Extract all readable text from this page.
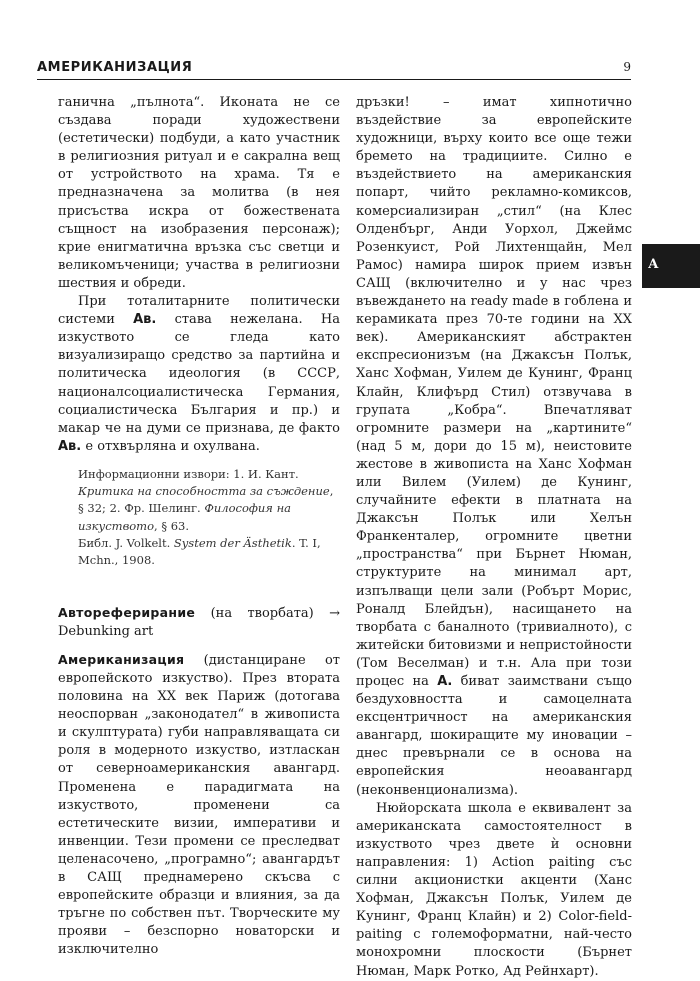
АМЕРИКАНИЗАЦИЯ	9
А

ганична „пълнота“. Иконата не се създава поради художествени (естетически) подбуди, а като участник в религиозния ритуал и е сакрална вещ от устройството на храма. Тя е предназначена за молитва (в нея присъства искра от божествената същност на изобразения персонаж); крие енигматична връзка със светци и великомъченици; участва в религиозни шествия и обреди.

При тоталитарните политически системи Ав. става нежелана. На изкуството се гледа като визуализиращо средство за партийна и политическа идеология (в СССР, националсоциалистическа Германия, социалистическа България и пр.) и макар че на думи се признава, де факто Ав. е отхвърляна и охулвана.

Информационни извори: 1. И. Кант. Критика на способността за съждение, § 32; 2. Фр. Шелинг. Философия на изкуството, § 63.

Библ. J. Volkelt. System der Ästhetik. T. I, Mchn., 1908.

Автореферирание (на творбата) → Debunking art

Американизация (дистанциране от европейското изкуство). През втората половина на XX век Париж (дотогава неоспорван „законодател“ в живописта и скулптурата) губи направляващата си роля в модерното изкуство, изтласкан от северноамериканския авангард. Променена е парадигмата на изкуството, променени са естетическите визии, императиви и инвенции. Тези промени се преследват целенасочено, „програмно“; авангардът в САЩ преднамерено скъсва с европейските образци и влияния, за да тръгне по собствен път. Творческите му прояви – безспорно новаторски и изключително

дръзки! – имат хипнотично въздействие за европейските художници, върху които все още тежи бремето на традициите. Силно е въздействието на американския попарт, чийто рекламно-комиксов, комерсиализиран „стил“ (на Клес Олденбърг, Анди Уорхол, Джеймс Розенкуист, Рой Лихтенщайн, Мел Рамос) намира широк прием извън САЩ (включително и у нас чрез въвеждането на ready made в гоблена и керамиката през 70-те години на XX век). Американският абстрактен експресионизъм (на Джаксън Полък, Ханс Хофман, Уилем де Кунинг, Франц Клайн, Клифърд Стил) отзвучава в групата „Кобра“. Впечатляват огромните размери на „картините“ (над 5 м, дори до 15 м), неистовите жестове в живописта на Ханс Хофман или Вилем (Уилем) де Кунинг, случайните ефекти в платната на Джаксън Полък или Хелън Франкенталер, огромните цветни „пространства“ при Бърнет Нюман, структурите на минимал арт, изпълващи цели зали (Робърт Морис, Роналд Блейдън), насищането на творбата с баналното (тривиалното), с житейски битовизми и непристойности (Том Веселман) и т.н. Ала при този процес на А. биват заимствани също бездуховността и самоцелната ексцентричност на американския авангард, шокиращите му иновации – днес превърнали се в основа на европейския неоавангард (неконвенционализма).

Нюйорската школа е еквивалент за американската самостоятелност в изкуството чрез двете ѝ основни направления: 1) Action paiting със силни акционистки акценти (Ханс Хофман, Джаксън Полък, Уилем де Кунинг, Франц Клайн) и 2) Color-field-paiting с големоформатни, най-често монохромни плоскости (Бърнет Нюман, Марк Ротко, Ад Рейнхарт).
